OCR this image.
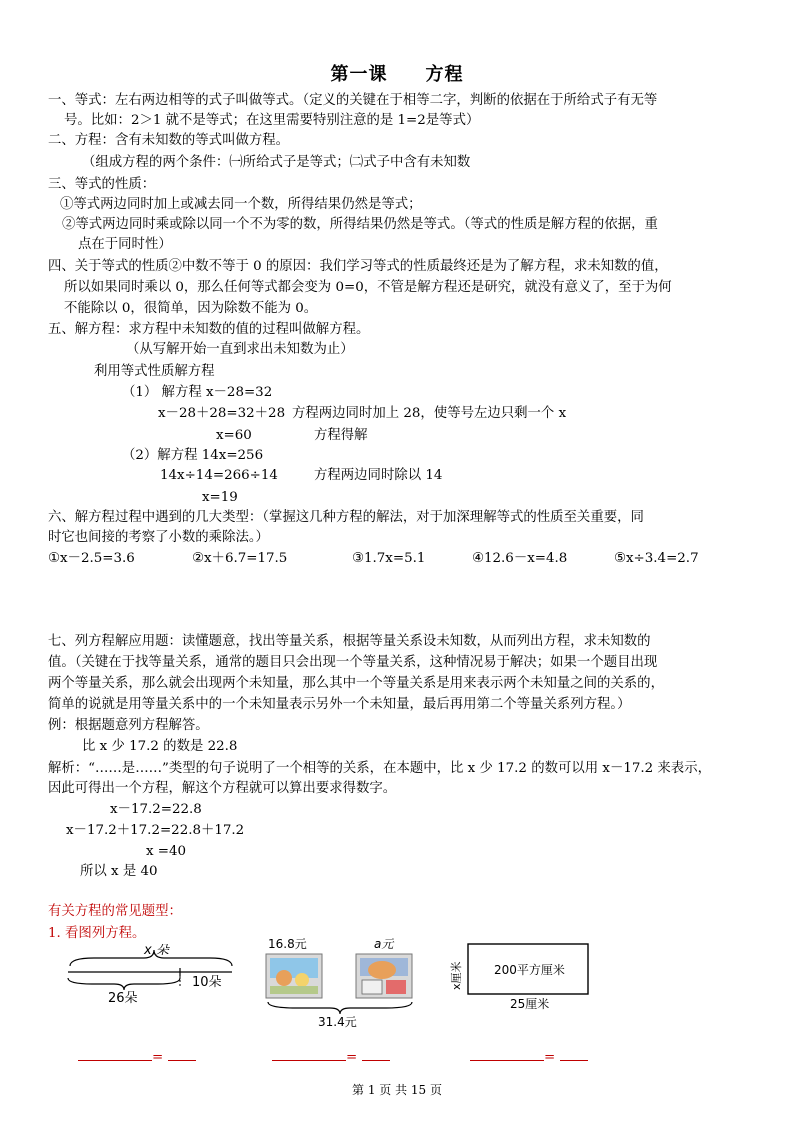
第一课 方程
一、等式：左右两边相等的式子叫做等式。（定义的关键在于相等二字，判断的依据在于所给式子有无等
号。比如：2＞1 就不是等式；在这里需要特别注意的是 1=2是等式）
二、方程：含有未知数的等式叫做方程。
（组成方程的两个条件：㈠所给式子是等式；㈡式子中含有未知数
三、等式的性质：
①等式两边同时加上或减去同一个数，所得结果仍然是等式；
②等式两边同时乘或除以同一个不为零的数，所得结果仍然是等式。（等式的性质是解方程的依据，重
点在于同时性）
四、关于等式的性质②中数不等于 0 的原因：我们学习等式的性质最终还是为了解方程，求未知数的值，
所以如果同时乘以 0，那么任何等式都会变为 0=0，不管是解方程还是研究，就没有意义了，至于为何
不能除以 0，很简单，因为除数不能为 0。
五、解方程：求方程中未知数的值的过程叫做解方程。
（从写解开始一直到求出未知数为止）
利用等式性质解方程
（1） 解方程 x－28=32
x－28＋28=32＋28 方程两边同时加上 28，使等号左边只剩一个 x
x=60	方程得解
（2）解方程 14x=256
14x÷14=266÷14	方程两边同时除以 14
x=19
六、解方程过程中遇到的几大类型：（掌握这几种方程的解法，对于加深理解等式的性质至关重要，同
时它也间接的考察了小数的乘除法。）
①x－2.5=3.6	②x＋6.7=17.5	③1.7x=5.1	④12.6－x=4.8	⑤x÷3.4=2.7
七、列方程解应用题：读懂题意，找出等量关系，根据等量关系设未知数，从而列出方程，求未知数的
值。（关键在于找等量关系，通常的题目只会出现一个等量关系，这种情况易于解决；如果一个题目出现
两个等量关系，那么就会出现两个未知量，那么其中一个等量关系是用来表示两个未知量之间的关系的，
简单的说就是用等量关系中的一个未知量表示另外一个未知量，最后再用第二个等量关系列方程。）
例：根据题意列方程解答。
比 x 少 17.2 的数是 22.8
解析：“……是……”类型的句子说明了一个相等的关系，在本题中，比 x 少 17.2 的数可以用 x－17.2 来表示，
因此可得出一个方程，解这个方程就可以算出要求得数字。
x－17.2=22.8
x－17.2＋17.2=22.8＋17.2
x =40
所以 x 是 40
有关方程的常见题型：
1. 看图列方程。
x 朵
26朵
10朵
16.8元	a元
31.4元
200平方厘米
x厘米
25厘米
=	=	=
第 1 页 共 15 页
